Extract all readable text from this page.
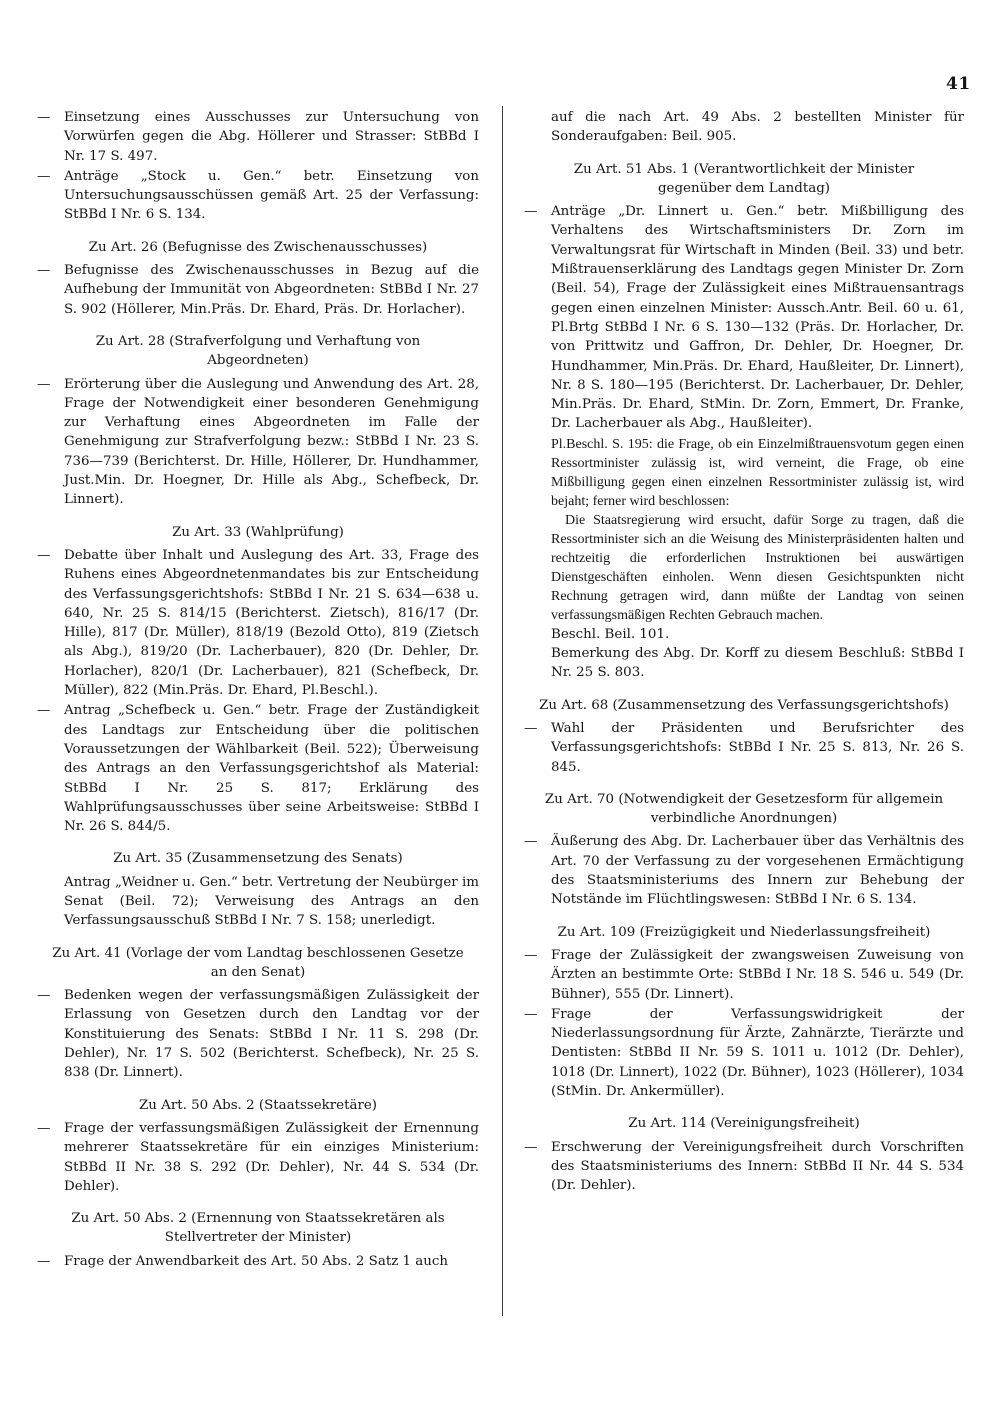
41
— Einsetzung eines Ausschusses zur Untersuchung von Vorwürfen gegen die Abg. Höllerer und Strasser: StBBd I Nr. 17 S. 497.
— Anträge „Stock u. Gen.“ betr. Einsetzung von Untersuchungsausschüssen gemäß Art. 25 der Verfassung: StBBd I Nr. 6 S. 134.
Zu Art. 26 (Befugnisse des Zwischenausschusses)
— Befugnisse des Zwischenausschusses in Bezug auf die Aufhebung der Immunität von Abgeordneten: StBBd I Nr. 27 S. 902 (Höllerer, Min.Präs. Dr. Ehard, Präs. Dr. Horlacher).
Zu Art. 28 (Strafverfolgung und Verhaftung von Abgeordneten)
— Erörterung über die Auslegung und Anwendung des Art. 28, Frage der Notwendigkeit einer besonderen Genehmigung zur Verhaftung eines Abgeordneten im Falle der Genehmigung zur Strafverfolgung bezw.: StBBd I Nr. 23 S. 736—739 (Berichterst. Dr. Hille, Höllerer, Dr. Hundhammer, Just.Min. Dr. Hoegner, Dr. Hille als Abg., Schefbeck, Dr. Linnert).
Zu Art. 33 (Wahlprüfung)
— Debatte über Inhalt und Auslegung des Art. 33, Frage des Ruhens eines Abgeordnetenmandates bis zur Entscheidung des Verfassungsgerichtshofs: StBBd I Nr. 21 S. 634—638 u. 640, Nr. 25 S. 814/15 (Berichterst. Zietsch), 816/17 (Dr. Hille), 817 (Dr. Müller), 818/19 (Bezold Otto), 819 (Zietsch als Abg.), 819/20 (Dr. Lacherbauer), 820 (Dr. Dehler, Dr. Horlacher), 820/1 (Dr. Lacherbauer), 821 (Schefbeck, Dr. Müller), 822 (Min.Präs. Dr. Ehard, Pl.Beschl.).
— Antrag „Schefbeck u. Gen.“ betr. Frage der Zuständigkeit des Landtags zur Entscheidung über die politischen Voraussetzungen der Wählbarkeit (Beil. 522); Überweisung des Antrags an den Verfassungsgerichtshof als Material: StBBd I Nr. 25 S. 817; Erklärung des Wahlprüfungsausschusses über seine Arbeitsweise: StBBd I Nr. 26 S. 844/5.
Zu Art. 35 (Zusammensetzung des Senats)
Antrag „Weidner u. Gen.“ betr. Vertretung der Neubürger im Senat (Beil. 72); Verweisung des Antrags an den Verfassungsausschuß StBBd I Nr. 7 S. 158; unerledigt.
Zu Art. 41 (Vorlage der vom Landtag beschlossenen Gesetze an den Senat)
— Bedenken wegen der verfassungsmäßigen Zulässigkeit der Erlassung von Gesetzen durch den Landtag vor der Konstituierung des Senats: StBBd I Nr. 11 S. 298 (Dr. Dehler), Nr. 17 S. 502 (Berichterst. Schefbeck), Nr. 25 S. 838 (Dr. Linnert).
Zu Art. 50 Abs. 2 (Staatssekretäre)
— Frage der verfassungsmäßigen Zulässigkeit der Ernennung mehrerer Staatssekretäre für ein einziges Ministerium: StBBd II Nr. 38 S. 292 (Dr. Dehler), Nr. 44 S. 534 (Dr. Dehler).
Zu Art. 50 Abs. 2 (Ernennung von Staatssekretären als Stellvertreter der Minister)
— Frage der Anwendbarkeit des Art. 50 Abs. 2 Satz 1 auch
auf die nach Art. 49 Abs. 2 bestellten Minister für Sonderaufgaben: Beil. 905.
Zu Art. 51 Abs. 1 (Verantwortlichkeit der Minister gegenüber dem Landtag)
— Anträge „Dr. Linnert u. Gen.“ betr. Mißbilligung des Verhaltens des Wirtschaftsministers Dr. Zorn im Verwaltungsrat für Wirtschaft in Minden (Beil. 33) und betr. Mißtrauenserklärung des Landtags gegen Minister Dr. Zorn (Beil. 54), Frage der Zulässigkeit eines Mißtrauensantrags gegen einen einzelnen Minister: Aussch.Antr. Beil. 60 u. 61, Pl.Brtg StBBd I Nr. 6 S. 130—132 (Präs. Dr. Horlacher, Dr. von Prittwitz und Gaffron, Dr. Dehler, Dr. Hoegner, Dr. Hundhammer, Min.Präs. Dr. Ehard, Haußleiter, Dr. Linnert), Nr. 8 S. 180—195 (Berichterst. Dr. Lacherbauer, Dr. Dehler, Min.Präs. Dr. Ehard, StMin. Dr. Zorn, Emmert, Dr. Franke, Dr. Lacherbauer als Abg., Haußleiter).
Pl.Beschl. S. 195: die Frage, ob ein Einzelmißtrauensvotum gegen einen Ressortminister zulässig ist, wird verneint, die Frage, ob eine Mißbilligung gegen einen einzelnen Ressortminister zulässig ist, wird bejaht; ferner wird beschlossen:
Die Staatsregierung wird ersucht, dafür Sorge zu tragen, daß die Ressortminister sich an die Weisung des Ministerpräsidenten halten und rechtzeitig die erforderlichen Instruktionen bei auswärtigen Dienstgeschäften einholen. Wenn diesen Gesichtspunkten nicht Rechnung getragen wird, dann müßte der Landtag von seinen verfassungsmäßigen Rechten Gebrauch machen.
Beschl. Beil. 101.
Bemerkung des Abg. Dr. Korff zu diesem Beschluß: StBBd I Nr. 25 S. 803.
Zu Art. 68 (Zusammensetzung des Verfassungsgerichtshofs)
— Wahl der Präsidenten und Berufsrichter des Verfassungsgerichtshofs: StBBd I Nr. 25 S. 813, Nr. 26 S. 845.
Zu Art. 70 (Notwendigkeit der Gesetzesform für allgemein verbindliche Anordnungen)
— Äußerung des Abg. Dr. Lacherbauer über das Verhältnis des Art. 70 der Verfassung zu der vorgesehenen Ermächtigung des Staatsministeriums des Innern zur Behebung der Notstände im Flüchtlingswesen: StBBd I Nr. 6 S. 134.
Zu Art. 109 (Freizügigkeit und Niederlassungsfreiheit)
— Frage der Zulässigkeit der zwangsweisen Zuweisung von Ärzten an bestimmte Orte: StBBd I Nr. 18 S. 546 u. 549 (Dr. Bühner), 555 (Dr. Linnert).
— Frage der Verfassungswidrigkeit der Niederlassungsordnung für Ärzte, Zahnärzte, Tierärzte und Dentisten: StBBd II Nr. 59 S. 1011 u. 1012 (Dr. Dehler), 1018 (Dr. Linnert), 1022 (Dr. Bühner), 1023 (Höllerer), 1034 (StMin. Dr. Ankermüller).
Zu Art. 114 (Vereinigungsfreiheit)
— Erschwerung der Vereinigungsfreiheit durch Vorschriften des Staatsministeriums des Innern: StBBd II Nr. 44 S. 534 (Dr. Dehler).
